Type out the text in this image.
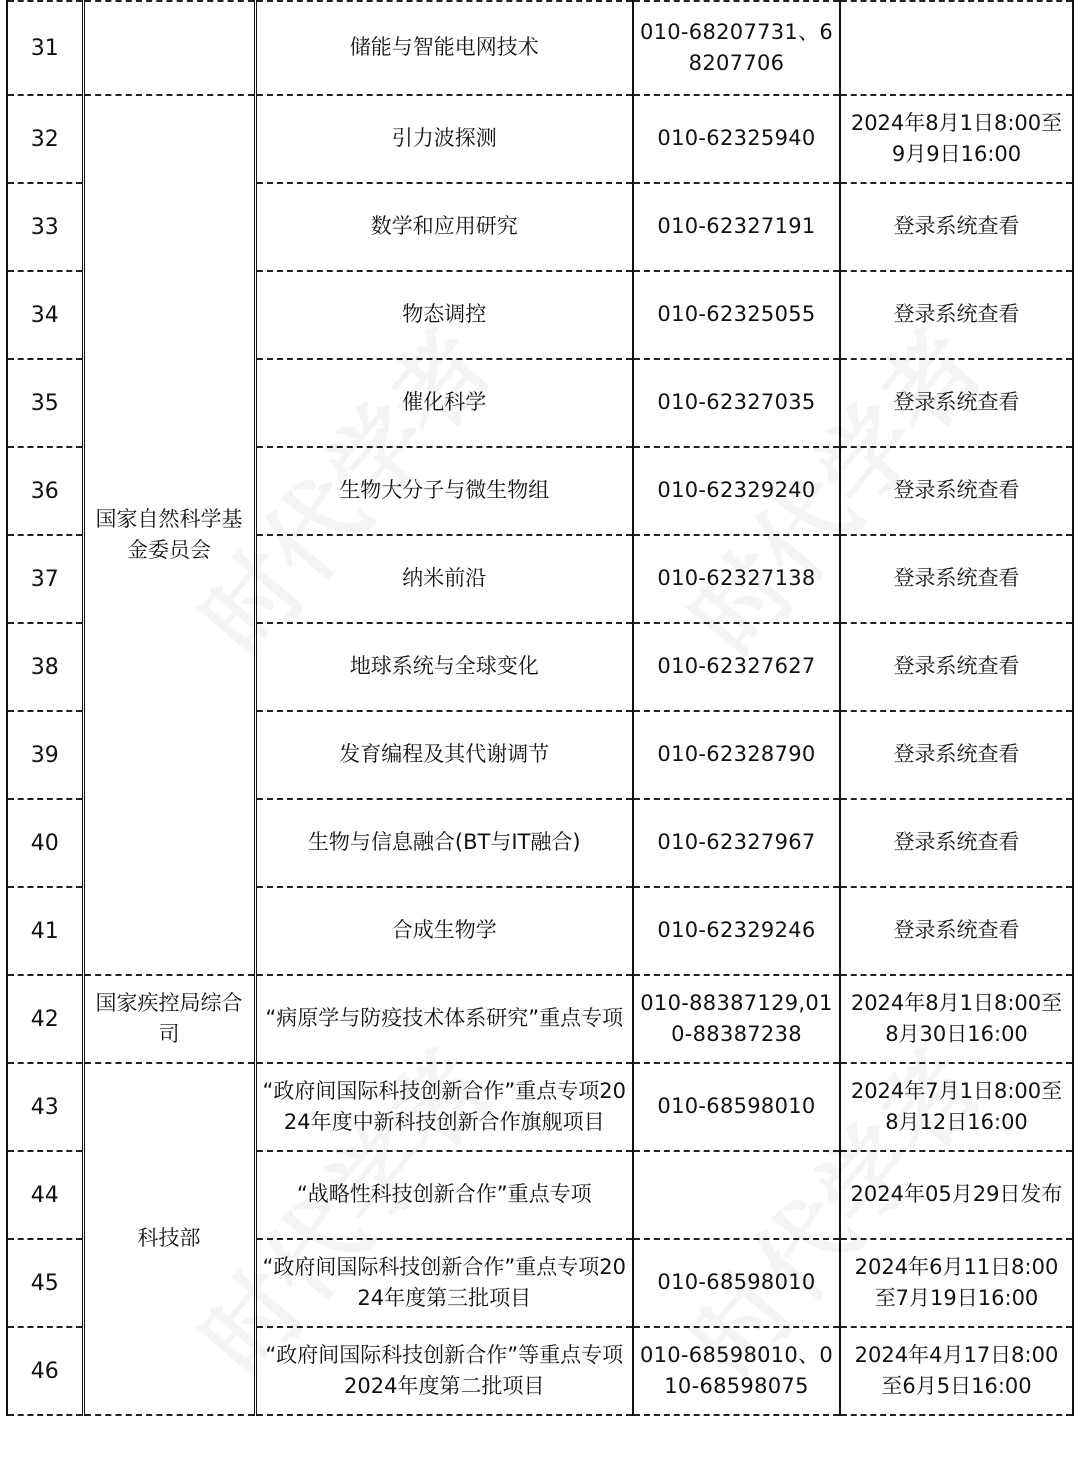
31		储能与智能电网技术	010-68207731、68207706	
32	国家自然科学基金委员会	引力波探测	010-62325940	2024年8月1日8:00至9月9日16:00
33		数学和应用研究	010-62327191	登录系统查看
34		物态调控	010-62325055	登录系统查看
35		催化科学	010-62327035	登录系统查看
36		生物大分子与微生物组	010-62329240	登录系统查看
37		纳米前沿	010-62327138	登录系统查看
38		地球系统与全球变化	010-62327627	登录系统查看
39		发育编程及其代谢调节	010-62328790	登录系统查看
40		生物与信息融合(BT与IT融合)	010-62327967	登录系统查看
41		合成生物学	010-62329246	登录系统查看
42	国家疾控局综合司	“病原学与防疫技术体系研究”重点专项	010-88387129,010-88387238	2024年8月1日8:00至8月30日16:00
43	科技部	“政府间国际科技创新合作”重点专项2024年度中新科技创新合作旗舰项目	010-68598010	2024年7月1日8:00至8月12日16:00
44		“战略性科技创新合作”重点专项		2024年05月29日发布
45		“政府间国际科技创新合作”重点专项2024年度第三批项目	010-68598010	2024年6月11日8:00至7月19日16:00
46		“政府间国际科技创新合作”等重点专项2024年度第二批项目	010-68598010、010-68598075	2024年4月17日8:00至6月5日16:00
